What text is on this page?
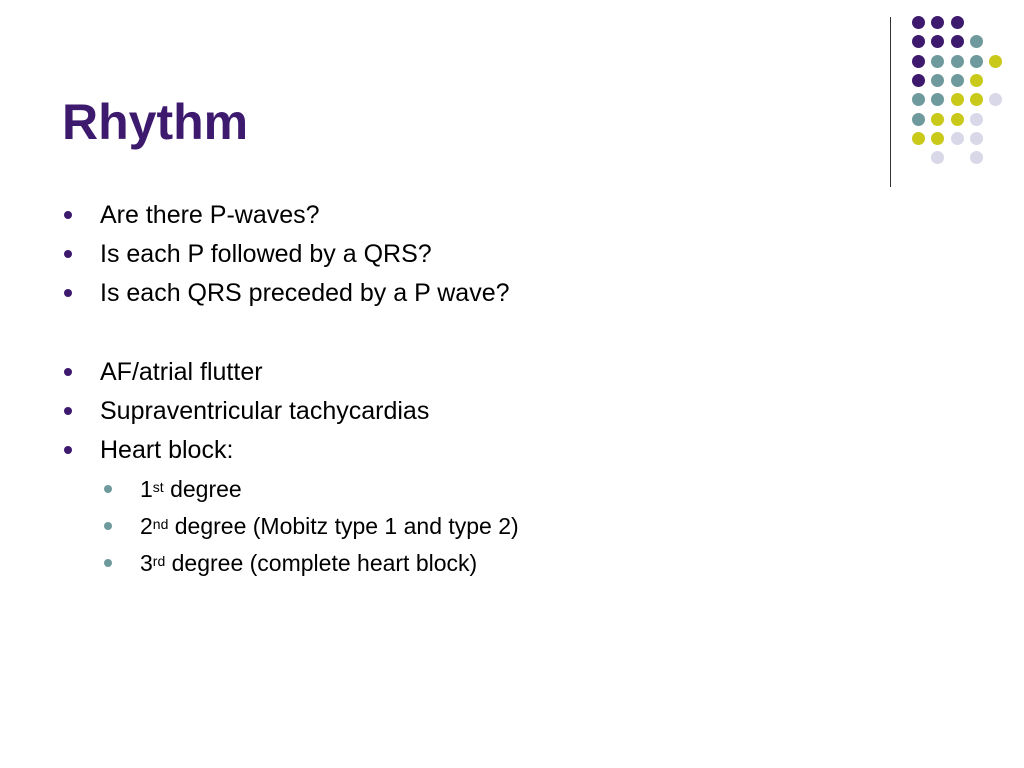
Rhythm
Are there P-waves?
Is each P followed by a QRS?
Is each QRS preceded by a P wave?
AF/atrial flutter
Supraventricular tachycardias
Heart block:
1st degree
2nd degree (Mobitz type 1 and type 2)
3rd degree (complete heart block)
